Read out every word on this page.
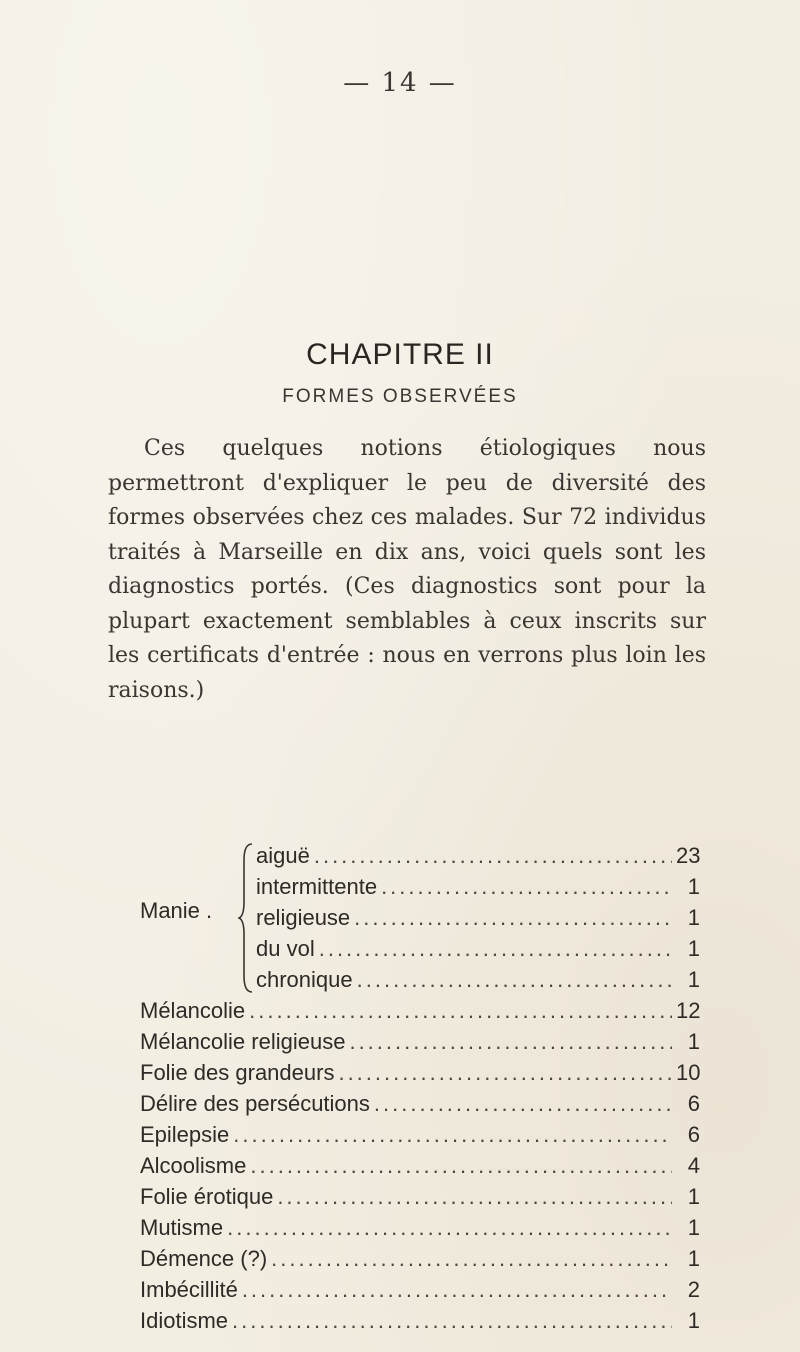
— 14 —
CHAPITRE II
FORMES OBSERVÉES

Ces quelques notions étiologiques nous permettront d'expliquer le peu de diversité des formes observées chez ces malades. Sur 72 individus traités à Marseille en dix ans, voici quels sont les diagnostics portés. (Ces diagnostics sont pour la plupart exactement semblables à ceux inscrits sur les certificats d'entrée : nous en verrons plus loin les raisons.)

Manie .
aiguë .....	23
intermittente .....	1
religieuse .....	1
du vol .....	1
chronique .....	1
Mélancolie .....	12
Mélancolie religieuse .....	1
Folie des grandeurs .....	10
Délire des persécutions .....	6
Epilepsie .....	6
Alcoolisme .....	4
Folie érotique .....	1
Mutisme .....	1
Démence (?) .....	1
Imbécillité .....	2
Idiotisme .....	1
